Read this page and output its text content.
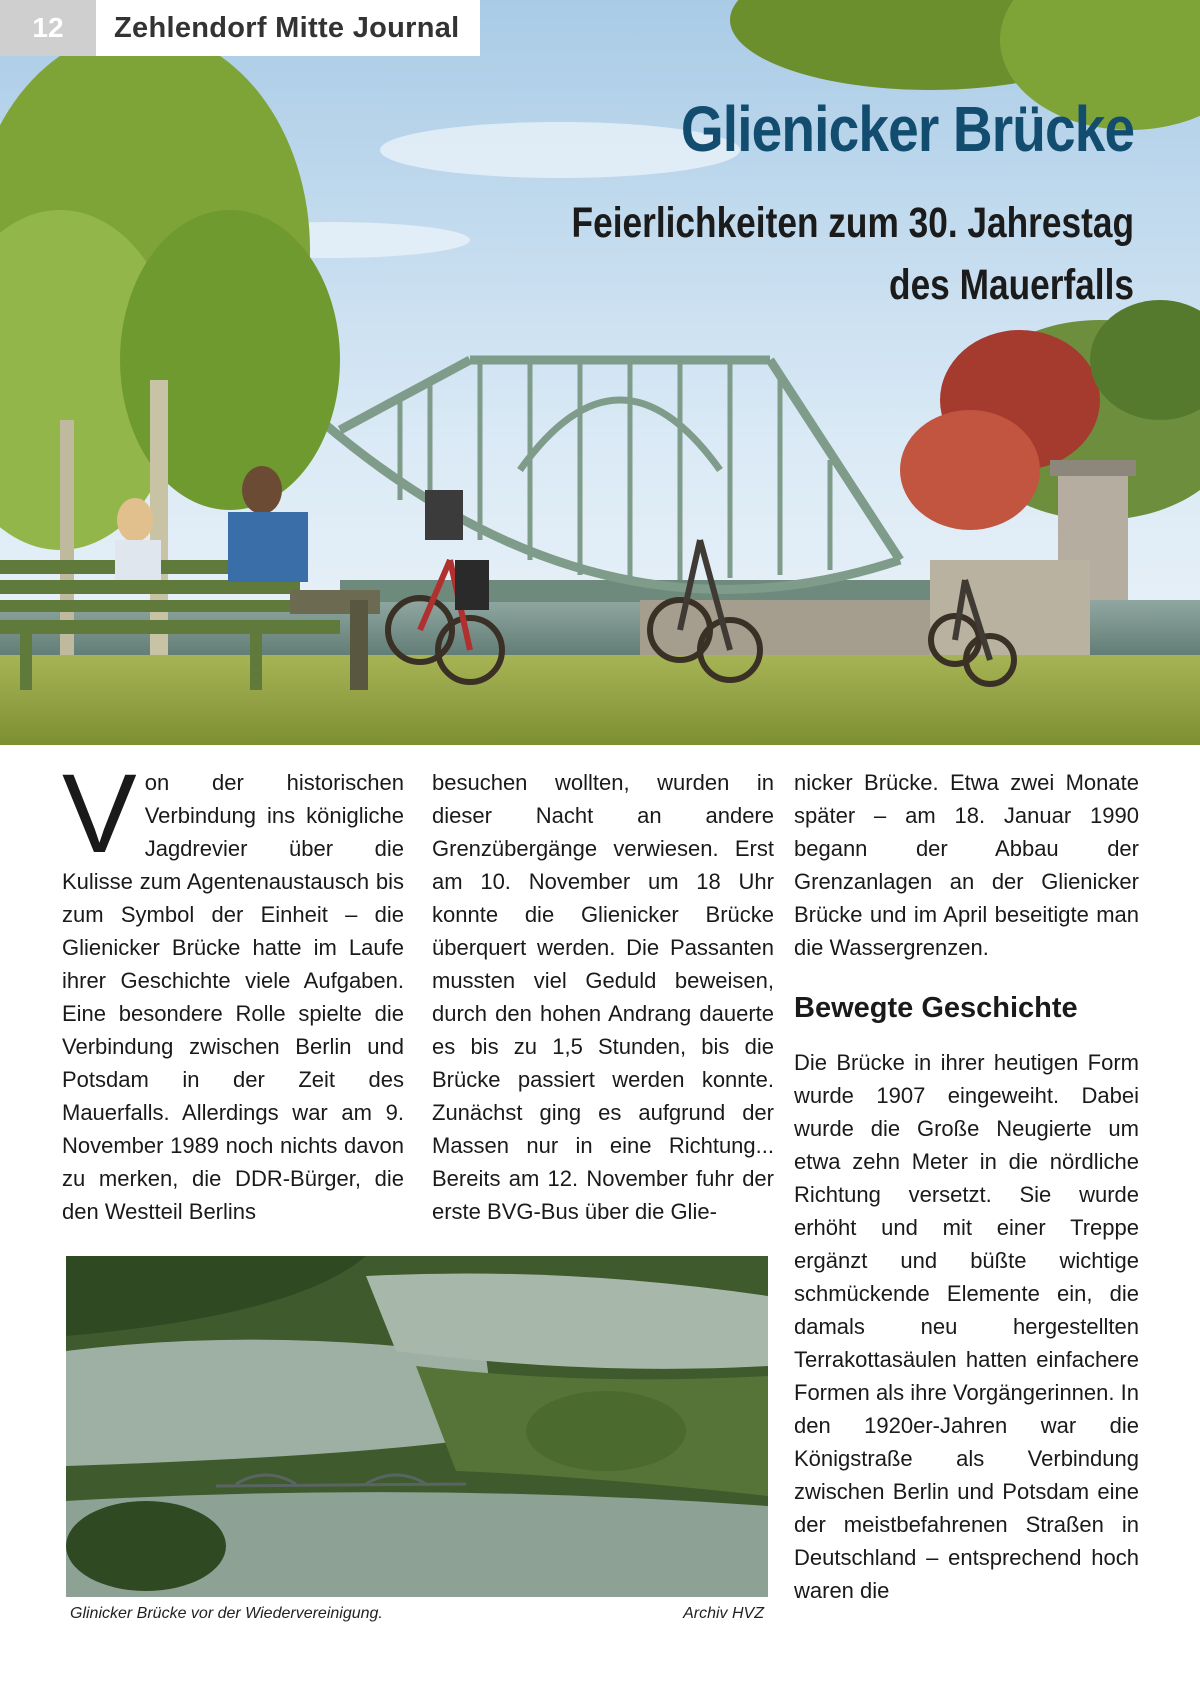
12	Zehlendorf Mitte Journal
Glienicker Brücke
Feierlichkeiten zum 30. Jahrestag des Mauerfalls

Von der historischen Verbindung ins königliche Jagdrevier über die Kulisse zum Agentenaustausch bis zum Symbol der Einheit – die Glienicker Brücke hatte im Laufe ihrer Geschichte viele Aufgaben. Eine besondere Rolle spielte die Verbindung zwischen Berlin und Potsdam in der Zeit des Mauerfalls. Allerdings war am 9. November 1989 noch nichts davon zu merken, die DDR-Bürger, die den Westteil Berlins

besuchen wollten, wurden in dieser Nacht an andere Grenzübergänge verwiesen. Erst am 10. November um 18 Uhr konnte die Glienicker Brücke überquert werden. Die Passanten mussten viel Geduld beweisen, durch den hohen Andrang dauerte es bis zu 1,5 Stunden, bis die Brücke passiert werden konnte. Zunächst ging es aufgrund der Massen nur in eine Richtung... Bereits am 12. November fuhr der erste BVG-Bus über die Glie-

nicker Brücke. Etwa zwei Monate später – am 18. Januar 1990 begann der Abbau der Grenzanlagen an der Glienicker Brücke und im April beseitigte man die Wassergrenzen.

Bewegte Geschichte

Die Brücke in ihrer heutigen Form wurde 1907 eingeweiht. Dabei wurde die Große Neugierte um etwa zehn Meter in die nördliche Richtung versetzt. Sie wurde erhöht und mit einer Treppe ergänzt und büßte wichtige schmückende Elemente ein, die damals neu hergestellten Terrakottasäulen hatten einfachere Formen als ihre Vorgängerinnen. In den 1920er-Jahren war die Königstraße als Verbindung zwischen Berlin und Potsdam eine der meistbefahrenen Straßen in Deutschland – entsprechend hoch waren die

Glinicker Brücke vor der Wiedervereinigung.	Archiv HVZ
